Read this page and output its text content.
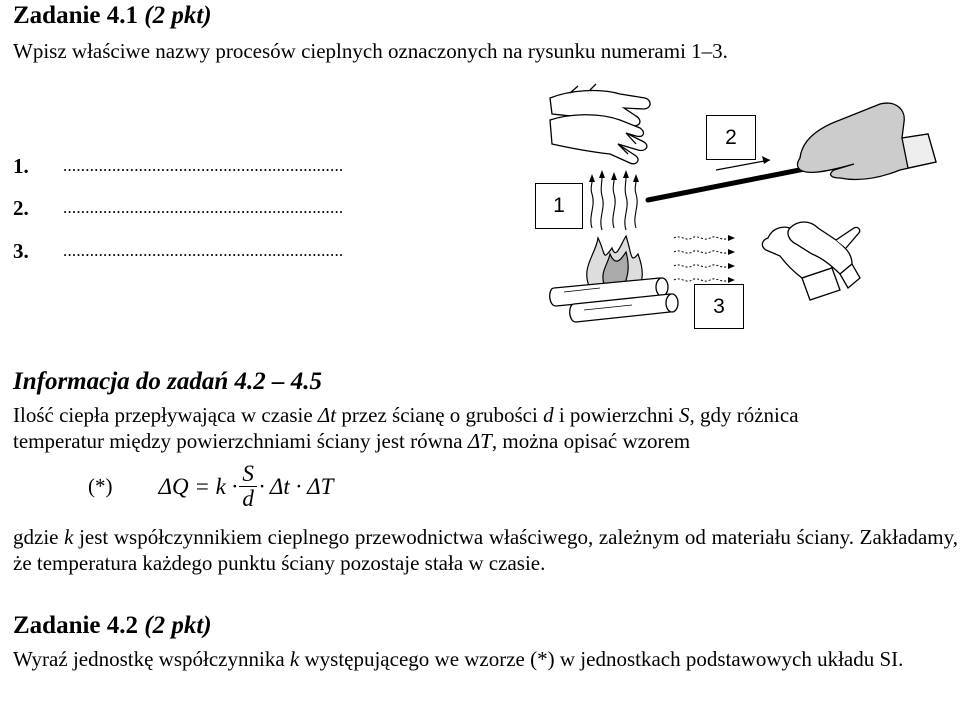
Zadanie 4.1 (2 pkt)
Wpisz właściwe nazwy procesów cieplnych oznaczonych na rysunku numerami 1–3.
1. ...............................................................
2. ...............................................................
3. ...............................................................
1
2
3
Informacja do zadań 4.2 – 4.5
Ilość ciepła przepływająca w czasie Δt przez ścianę o grubości d i powierzchni S, gdy różnica
temperatur między powierzchniami ściany jest równa ΔT, można opisać wzorem
(*) $\Delta Q = k \cdot \frac{S}{d} \cdot \Delta t \cdot \Delta T$
gdzie k jest współczynnikiem cieplnego przewodnictwa właściwego, zależnym od materiału ściany. Zakładamy, że temperatura każdego punktu ściany pozostaje stała w czasie.
Zadanie 4.2 (2 pkt)
Wyraź jednostkę współczynnika k występującego we wzorze (*) w jednostkach podstawowych układu SI.
